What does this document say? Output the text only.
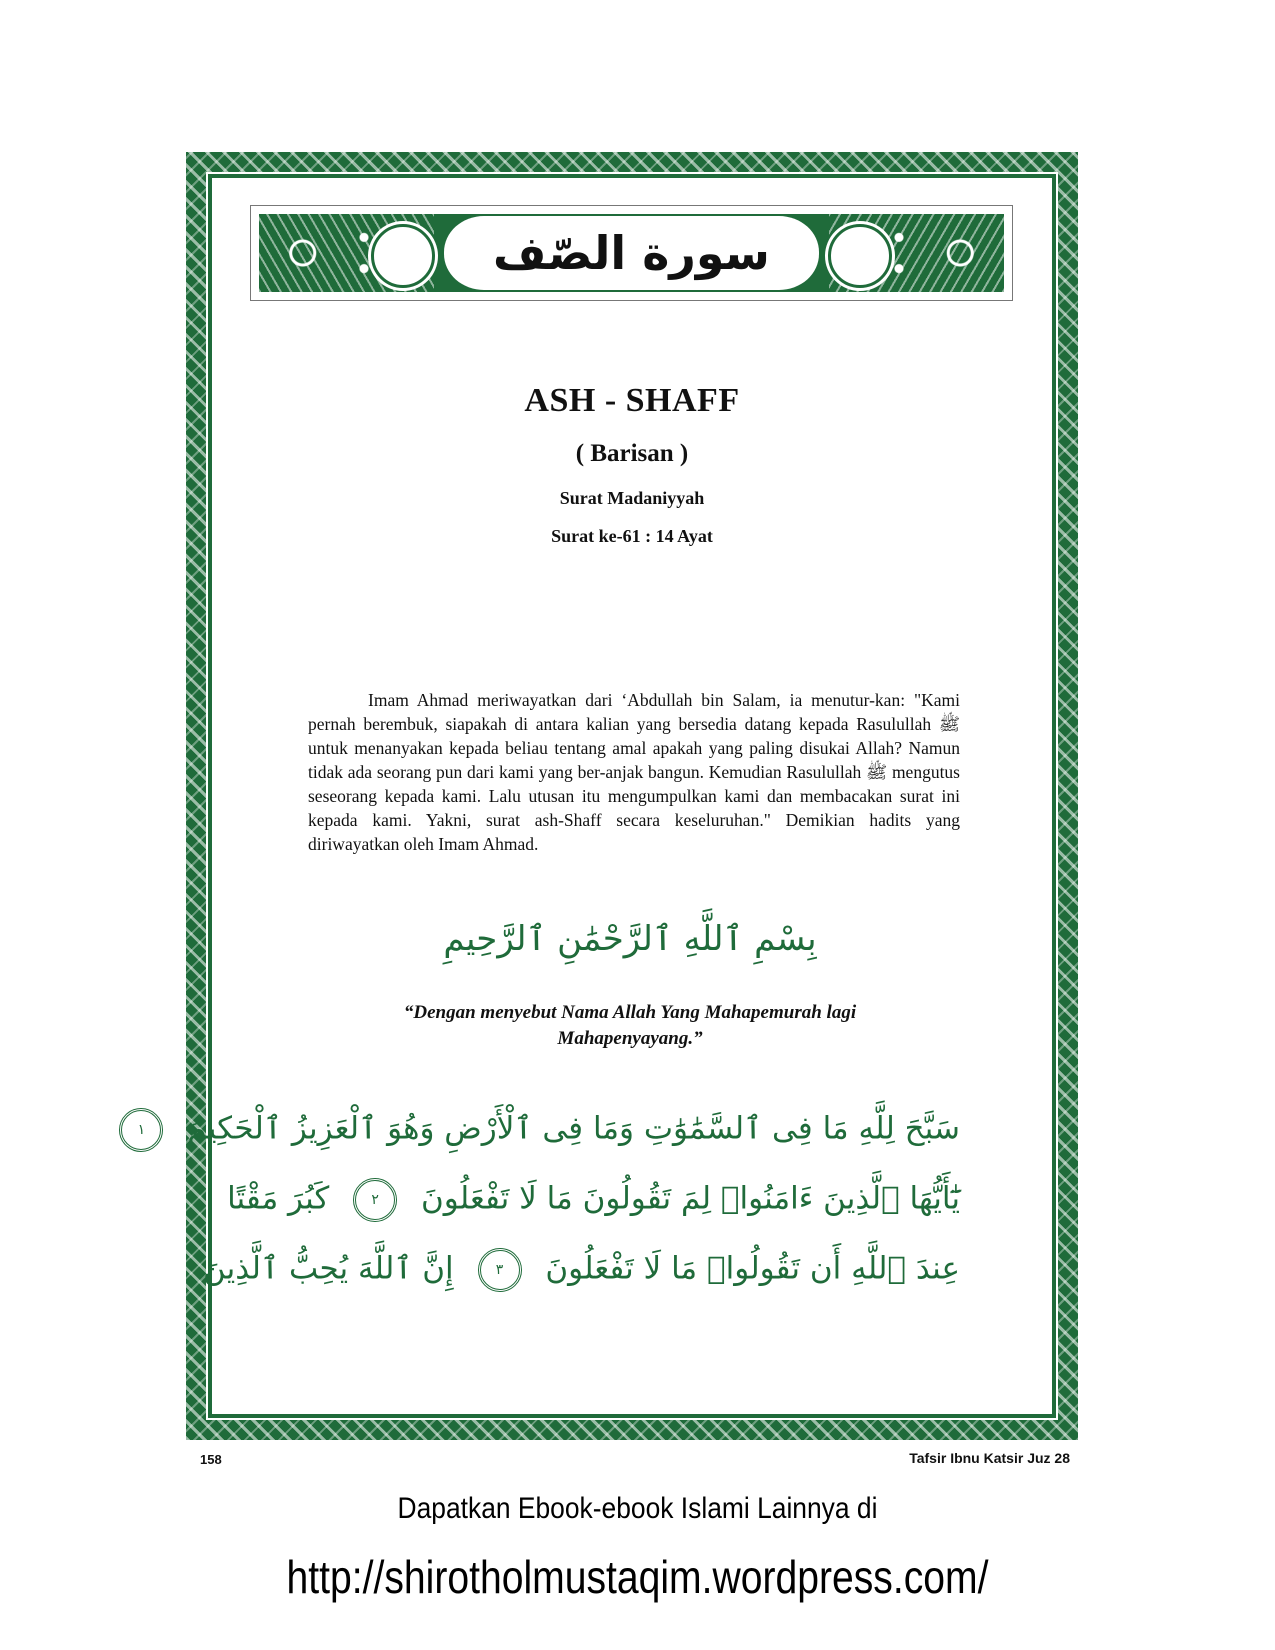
سورة الصّف
ASH - SHAFF
( Barisan )
Surat Madaniyyah
Surat ke-61 : 14 Ayat

Imam Ahmad meriwayatkan dari ‘Abdullah bin Salam, ia menutur-kan: "Kami pernah berembuk, siapakah di antara kalian yang bersedia datang kepada Rasulullah ﷺ untuk menanyakan kepada beliau tentang amal apakah yang paling disukai Allah? Namun tidak ada seorang pun dari kami yang ber-anjak bangun. Kemudian Rasulullah ﷺ mengutus seseorang kepada kami. Lalu utusan itu mengumpulkan kami dan membacakan surat ini kepada kami. Yakni, surat ash-Shaff secara keseluruhan." Demikian hadits yang diriwayatkan oleh Imam Ahmad.

بِسْمِ ٱللَّهِ ٱلرَّحْمَٰنِ ٱلرَّحِيمِ
“Dengan menyebut Nama Allah Yang Mahapemurah lagi Mahapenyayang.”
سَبَّحَ لِلَّهِ مَا فِى ٱلسَّمَٰوَٰتِ وَمَا فِى ٱلْأَرْضِ وَهُوَ ٱلْعَزِيزُ ٱلْحَكِيمُ ١
يَٰٓأَيُّهَا ٱلَّذِينَ ءَامَنُوا۟ لِمَ تَقُولُونَ مَا لَا تَفْعَلُونَ ٢ كَبُرَ مَقْتًا
عِندَ ٱللَّهِ أَن تَقُولُوا۟ مَا لَا تَفْعَلُونَ ٣ إِنَّ ٱللَّهَ يُحِبُّ ٱلَّذِينَ
158	Tafsir Ibnu Katsir Juz 28
Dapatkan Ebook-ebook Islami Lainnya di
http://shirotholmustaqim.wordpress.com/
